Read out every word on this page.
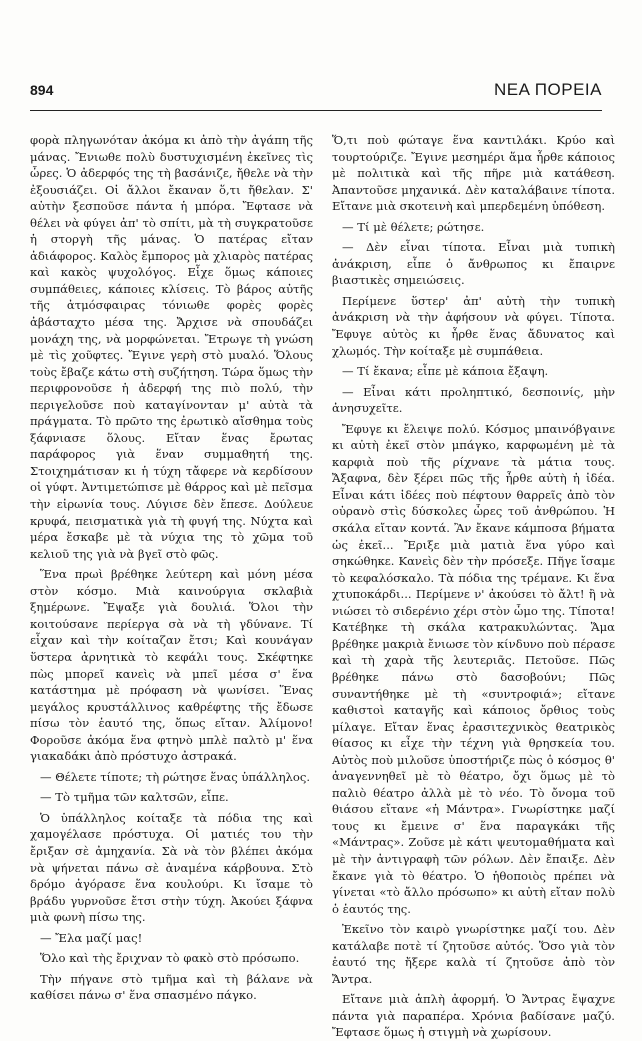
894	ΝΕΑ ΠΟΡΕΙΑ

φορὰ πληγωνόταν ἀκόμα κι ἀπὸ τὴν ἀγάπη τῆς μάνας. Ἔνιωθε πολὺ δυστυχισμένη ἐκεῖνες τὶς ὧρες. Ὁ ἀδερφός της τὴ βασάνιζε, ἤθελε νὰ τὴν ἐξουσιάζει. Οἱ ἄλλοι ἔκαναν ὅ,τι ἤθελαν. Σ' αὐτὴν ξεσποῦσε πάντα ἡ μπόρα. Ἔφτασε νὰ θέλει νὰ φύγει ἀπ' τὸ σπίτι, μὰ τὴ συγκρατοῦσε ἡ στοργὴ τῆς μάνας. Ὁ πατέρας εἴταν ἀδιάφορος. Καλὸς ἔμπορος μὰ χλιαρὸς πατέρας καὶ κακὸς ψυχολόγος. Εἶχε ὅμως κάποιες συμπάθειες, κάποιες κλίσεις. Τὸ βάρος αὐτῆς τῆς ἀτμόσφαιρας τόνιωθε φορὲς φορὲς ἀβάσταχτο μέσα της. Ἄρχισε νὰ σπουδάζει μονάχη της, νὰ μορφώνεται. Ἔτρωγε τὴ γνώση μὲ τὶς χοῦφτες. Ἔγινε γερὴ στὸ μυαλό. Ὅλους τοὺς ἔβαζε κάτω στὴ συζήτηση. Τώρα ὅμως τὴν περιφρονοῦσε ἡ ἀδερφή της πιὸ πολύ, τὴν περιγελοῦσε ποὺ καταγίνονταν μ' αὐτὰ τὰ πράγματα. Τὸ πρῶτο της ἐρωτικὸ αἴσθημα τοὺς ξάφνιασε ὅλους. Εἴταν ἕνας ἔρωτας παράφορος γιὰ ἕναν συμμαθητή της. Στοιχημάτισαν κι ἡ τύχη τἄφερε νὰ κερδίσουν οἱ γύφτ. Ἀντιμετώπισε μὲ θάρρος καὶ μὲ πεῖσμα τὴν εἰρωνία τους. Λύγισε δὲν ἔπεσε. Δούλευε κρυφά, πεισματικὰ γιὰ τὴ φυγή της. Νύχτα καὶ μέρα ἔσκαβε μὲ τὰ νύχια της τὸ χῶμα τοῦ κελιοῦ της γιὰ νὰ βγεῖ στὸ φῶς.

Ἕνα πρωὶ βρέθηκε λεύτερη καὶ μόνη μέσα στὸν κόσμο. Μιὰ καινούργια σκλαβιὰ ξημέρωνε. Ἔψαξε γιὰ δουλιά. Ὅλοι τὴν κοιτούσανε περίεργα σὰ νὰ τὴ γδύνανε. Τί εἶχαν καὶ τὴν κοίταζαν ἔτσι; Καὶ κουνάγαν ὕστερα ἀρνητικὰ τὸ κεφάλι τους. Σκέφτηκε πὼς μπορεῖ κανεὶς νὰ μπεῖ μέσα σ' ἕνα κατάστημα μὲ πρόφαση νὰ ψωνίσει. Ἕνας μεγάλος κρυστάλλινος καθρέφτης τῆς ἔδωσε πίσω τὸν ἑαυτό της, ὅπως εἴταν. Ἀλίμονο! Φοροῦσε ἀκόμα ἕνα φτηνὸ μπλὲ παλτὸ μ' ἕνα γιακαδάκι ἀπὸ πρόστυχο ἀστρακά.

— Θέλετε τίποτε; τὴ ρώτησε ἕνας ὑπάλληλος.

— Τὸ τμῆμα τῶν καλτσῶν, εἶπε.

Ὁ ὑπάλληλος κοίταξε τὰ πόδια της καὶ χαμογέλασε πρόστυχα. Οἱ ματιές του τὴν ἔριξαν σὲ ἀμηχανία. Σὰ νὰ τὸν βλέπει ἀκόμα νὰ ψήνεται πάνω σὲ ἀναμένα κάρβουνα. Στὸ δρόμο ἀγόρασε ἕνα κουλούρι. Κι ἴσαμε τὸ βράδυ γυρνοῦσε ἔτσι στὴν τύχη. Ἀκούει ξάφνα μιὰ φωνὴ πίσω της.

— Ἔλα μαζί μας!

Ὅλο καὶ τὴς ἔριχναν τὸ φακὸ στὸ πρόσωπο.

Τὴν πήγανε στὸ τμῆμα καὶ τὴ βάλανε νὰ καθίσει πάνω σ' ἕνα σπασμένο πάγκο.

Ὅ,τι ποὺ φώταγε ἕνα καντιλάκι. Κρύο καὶ τουρτούριζε. Ἔγινε μεσημέρι ἅμα ἦρθε κάποιος μὲ πολιτικὰ καὶ τῆς πῆρε μιὰ κατάθεση. Ἀπαντοῦσε μηχανικά. Δὲν καταλάβαινε τίποτα. Εἴτανε μιὰ σκοτεινὴ καὶ μπερδεμένη ὑπόθεση.

— Τί μὲ θέλετε; ρώτησε.

— Δὲν εἶναι τίποτα. Εἶναι μιὰ τυπικὴ ἀνάκριση, εἶπε ὁ ἄνθρωπος κι ἔπαιρνε βιαστικὲς σημειώσεις.

Περίμενε ὕστερ' ἀπ' αὐτὴ τὴν τυπικὴ ἀνάκριση νὰ τὴν ἀφήσουν νὰ φύγει. Τίποτα. Ἔφυγε αὐτὸς κι ἦρθε ἕνας ἄδυνατος καὶ χλωμός. Τὴν κοίταξε μὲ συμπάθεια.

— Τί ἔκανα; εἶπε μὲ κάποια ἔξαψη.

— Εἶναι κάτι προληπτικό, δεσποινίς, μὴν ἀνησυχεῖτε.

Ἔφυγε κι ἔλειψε πολύ. Κόσμος μπαινόβγαινε κι αὐτὴ ἐκεῖ στὸν μπάγκο, καρφωμένη μὲ τὰ καρφιὰ ποὺ τῆς ρίχνανε τὰ μάτια τους. Ἄξαφνα, δὲν ξέρει πῶς τῆς ἦρθε αὐτὴ ἡ ἰδέα. Εἶναι κάτι ἰδέες ποὺ πέφτουν θαρρεῖς ἀπὸ τὸν οὐρανὸ στὶς δύσκολες ὧρες τοῦ ἀνθρώπου. Ἡ σκάλα εἴταν κοντά. Ἂν ἔκανε κάμποσα βήματα ὡς ἐκεῖ... Ἔριξε μιὰ ματιὰ ἕνα γύρο καὶ σηκώθηκε. Κανεὶς δὲν τὴν πρόσεξε. Πῆγε ἴσαμε τὸ κεφαλόσκαλο. Τὰ πόδια της τρέμανε. Κι ἕνα χτυποκάρδι... Περίμενε ν' ἀκούσει τὸ ἄλτ! ἢ νὰ νιώσει τὸ σιδερένιο χέρι στὸν ὦμο της. Τίποτα! Κατέβηκε τὴ σκάλα κατρακυλώντας. Ἅμα βρέθηκε μακριὰ ἔνιωσε τὸν κίνδυνο ποὺ πέρασε καὶ τὴ χαρὰ τῆς λευτεριᾶς. Πετοῦσε. Πῶς βρέθηκε πάνω στὸ δασοβούνι; Πῶς συναντήθηκε μὲ τὴ «συντροφιά»; εἴτανε καθιστοὶ καταγῆς καὶ κάποιος ὄρθιος τοὺς μίλαγε. Εἴταν ἕνας ἐρασιτεχνικὸς θεατρικὸς θίασος κι εἶχε τὴν τέχνη γιὰ θρησκεία του. Αὐτὸς ποὺ μιλοῦσε ὑποστήριζε πὼς ὁ κόσμος θ' ἀναγεννηθεῖ μὲ τὸ θέατρο, ὄχι ὅμως μὲ τὸ παλιὸ θέατρο ἀλλὰ μὲ τὸ νέο. Τὸ ὄνομα τοῦ θιάσου εἴτανε «ἡ Μάντρα». Γνωρίστηκε μαζί τους κι ἔμεινε σ' ἕνα παραγκάκι τῆς «Μάντρας». Ζοῦσε μὲ κάτι ψευτομαθήματα καὶ μὲ τὴν ἀντιγραφὴ τῶν ρόλων. Δὲν ἔπαιξε. Δὲν ἔκανε γιὰ τὸ θέατρο. Ὁ ἡθοποιὸς πρέπει νὰ γίνεται «τὸ ἄλλο πρόσωπο» κι αὐτὴ εἴταν πολὺ ὁ ἑαυτός της.

Ἐκεῖνο τὸν καιρὸ γνωρίστηκε μαζί του. Δὲν κατάλαβε ποτὲ τί ζητοῦσε αὐτός. Ὅσο γιὰ τὸν ἑαυτό της ἤξερε καλὰ τί ζητοῦσε ἀπὸ τὸν Ἄντρα.

Εἴτανε μιὰ ἁπλὴ ἀφορμή. Ὁ Ἄντρας ἔψαχνε πάντα γιὰ παραπέρα. Χρόνια βαδίσανε μαζύ. Ἔφτασε ὅμως ἡ στιγμὴ νὰ χωρίσουν.
